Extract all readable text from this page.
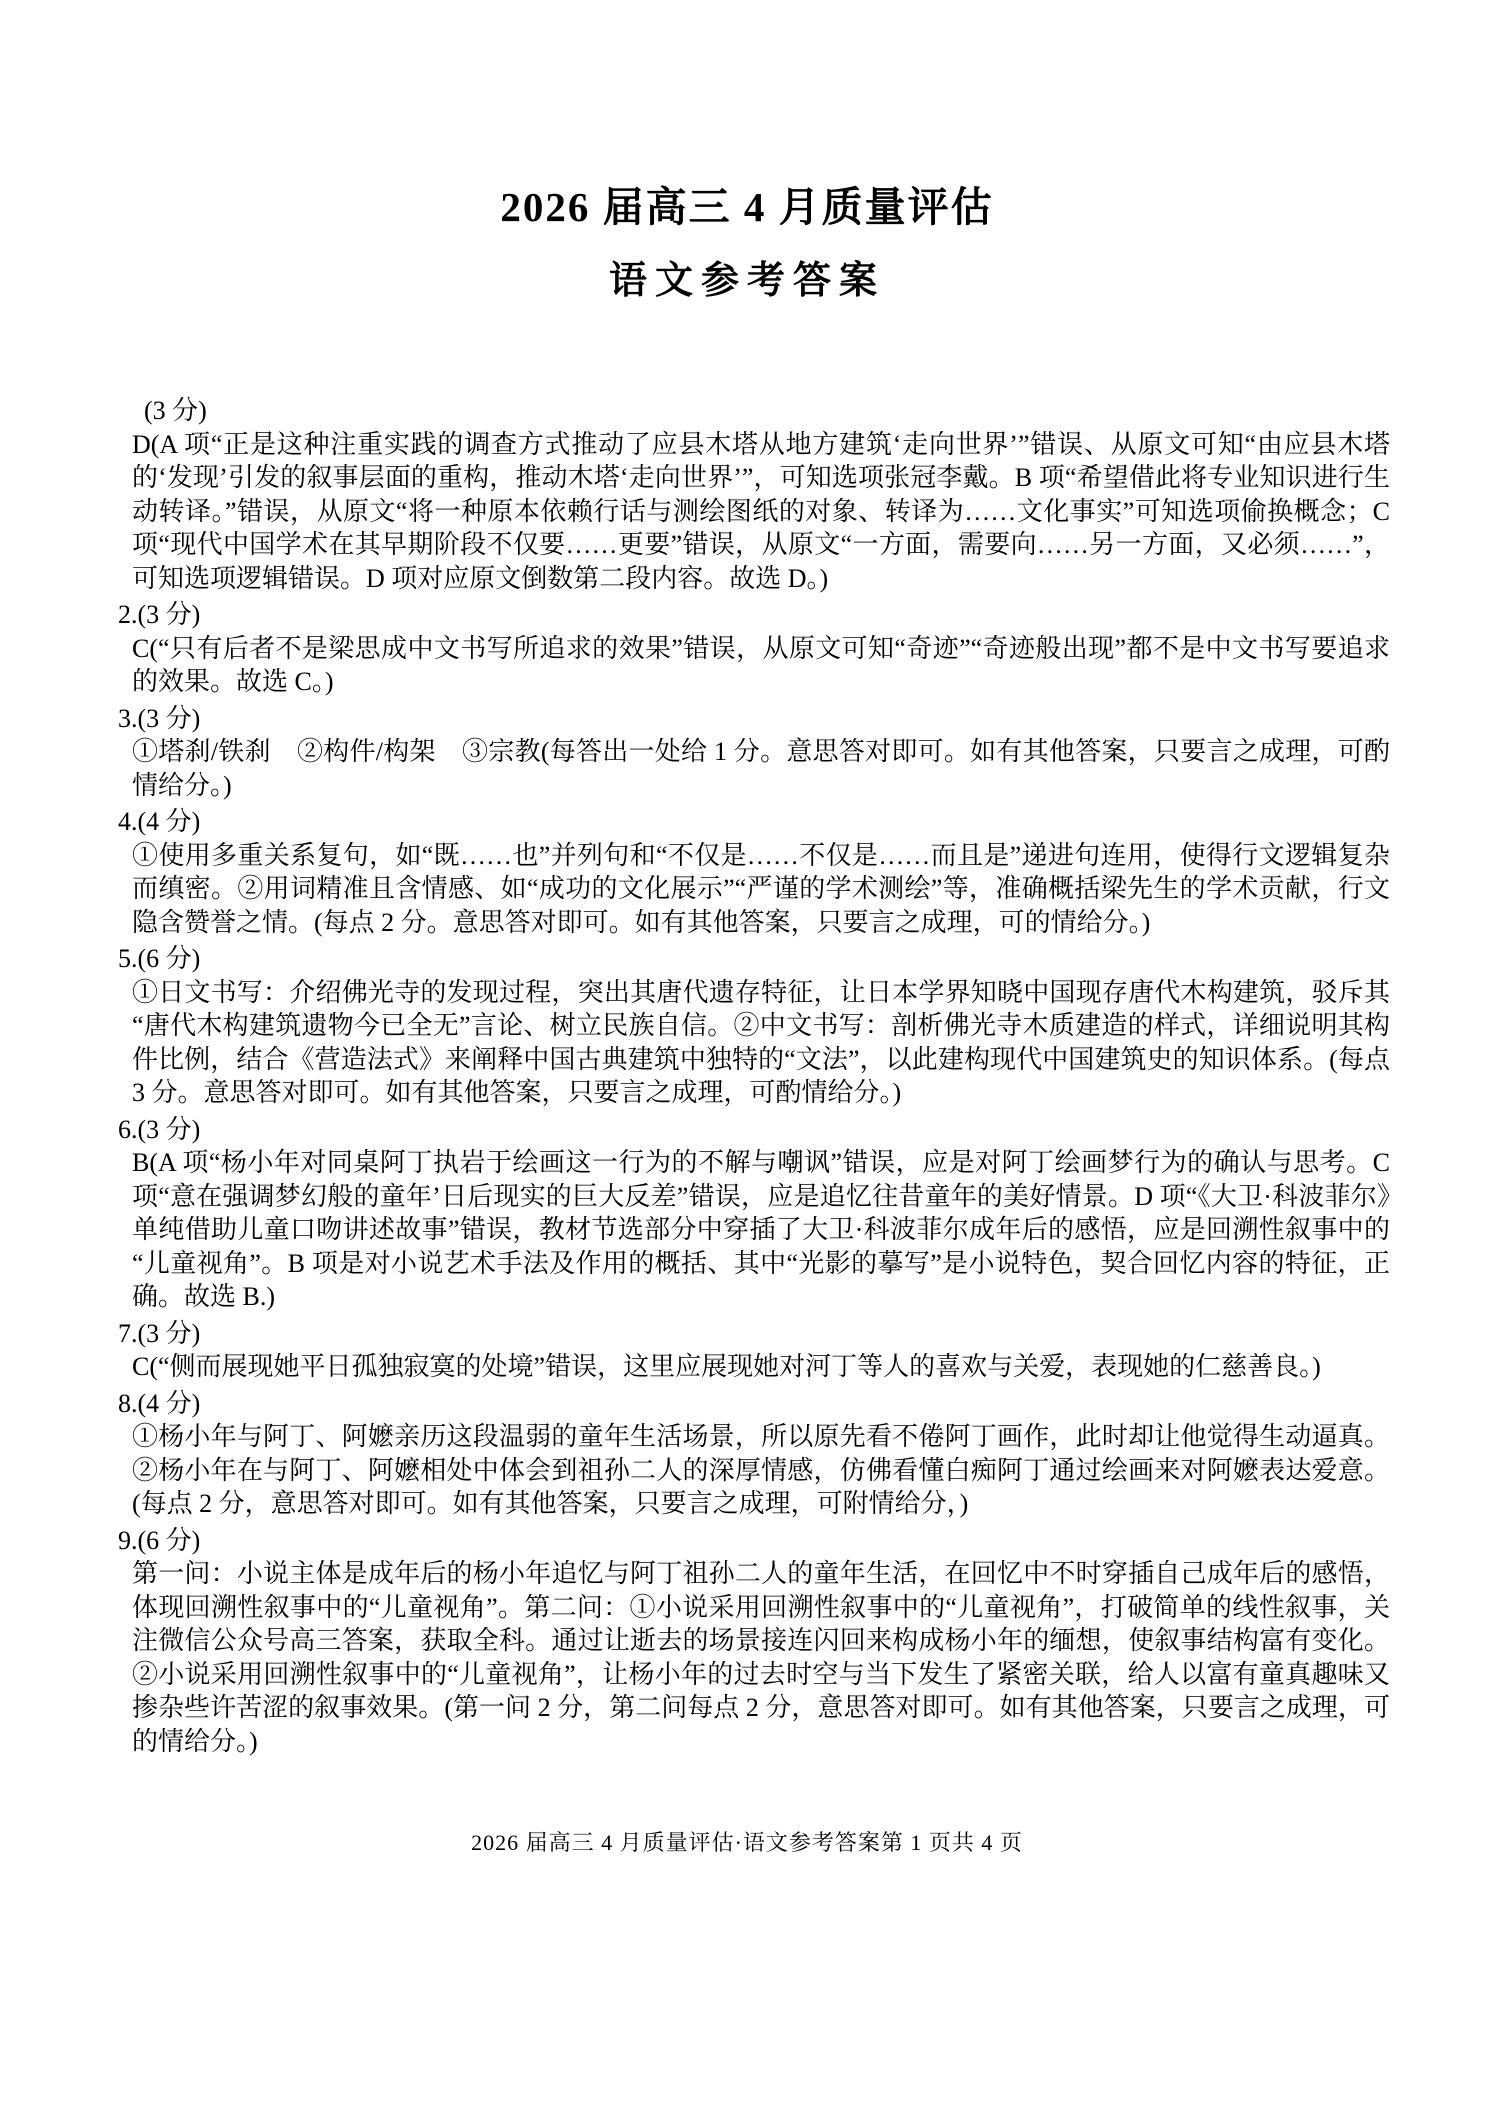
2026 届高三 4 月质量评估
语文参考答案
　(3 分)

D(A 项“正是这种注重实践的调查方式推动了应县木塔从地方建筑‘走向世界’”错误、从原文可知“由应县木塔的‘发现’引发的叙事层面的重构，推动木塔‘走向世界’”，可知选项张冠李戴。B 项“希望借此将专业知识进行生动转译。”错误，从原文“将一种原本依赖行话与测绘图纸的对象、转译为……文化事实”可知选项偷换概念；C 项“现代中国学术在其早期阶段不仅要……更要”错误，从原文“一方面，需要向……另一方面，又必须……”，可知选项逻辑错误。D 项对应原文倒数第二段内容。故选 D。)

2.(3 分)

C(“只有后者不是梁思成中文书写所追求的效果”错误，从原文可知“奇迹”“奇迹般出现”都不是中文书写要追求的效果。故选 C。)

3.(3 分)

①塔刹/铁刹　②构件/构架　③宗教(每答出一处给 1 分。意思答对即可。如有其他答案，只要言之成理，可酌情给分。)

4.(4 分)

①使用多重关系复句，如“既……也”并列句和“不仅是……不仅是……而且是”递进句连用，使得行文逻辑复杂而缜密。②用词精准且含情感、如“成功的文化展示”“严谨的学术测绘”等，准确概括梁先生的学术贡献，行文隐含赞誉之情。(每点 2 分。意思答对即可。如有其他答案，只要言之成理，可的情给分。)

5.(6 分)

①日文书写：介绍佛光寺的发现过程，突出其唐代遗存特征，让日本学界知晓中国现存唐代木构建筑，驳斥其“唐代木构建筑遗物今已全无”言论、树立民族自信。②中文书写：剖析佛光寺木质建造的样式，详细说明其构件比例，结合《营造法式》来阐释中国古典建筑中独特的“文法”，以此建构现代中国建筑史的知识体系。(每点 3 分。意思答对即可。如有其他答案，只要言之成理，可酌情给分。)

6.(3 分)

B(A 项“杨小年对同桌阿丁执岩于绘画这一行为的不解与嘲讽”错误，应是对阿丁绘画梦行为的确认与思考。C 项“意在强调梦幻般的童年’日后现实的巨大反差”错误，应是追忆往昔童年的美好情景。D 项“《大卫·科波菲尔》单纯借助儿童口吻讲述故事”错误，教材节选部分中穿插了大卫·科波菲尔成年后的感悟，应是回溯性叙事中的“儿童视角”。B 项是对小说艺术手法及作用的概括、其中“光影的摹写”是小说特色，契合回忆内容的特征，正确。故选 B.)

7.(3 分)

C(“侧而展现她平日孤独寂寞的处境”错误，这里应展现她对河丁等人的喜欢与关爱，表现她的仁慈善良。)

8.(4 分)

①杨小年与阿丁、阿嬷亲历这段温弱的童年生活场景，所以原先看不倦阿丁画作，此时却让他觉得生动逼真。②杨小年在与阿丁、阿嬷相处中体会到祖孙二人的深厚情感，仿佛看懂白痴阿丁通过绘画来对阿嬷表达爱意。(每点 2 分，意思答对即可。如有其他答案，只要言之成理，可附情给分，)

9.(6 分)

第一问：小说主体是成年后的杨小年追忆与阿丁祖孙二人的童年生活，在回忆中不时穿插自己成年后的感悟，体现回溯性叙事中的“儿童视角”。第二问：①小说采用回溯性叙事中的“儿童视角”，打破简单的线性叙事，关注微信公众号高三答案，获取全科。通过让逝去的场景接连闪回来构成杨小年的缅想，使叙事结构富有变化。②小说采用回溯性叙事中的“儿童视角”，让杨小年的过去时空与当下发生了紧密关联，给人以富有童真趣味又掺杂些许苦涩的叙事效果。(第一问 2 分，第二问每点 2 分，意思答对即可。如有其他答案，只要言之成理，可的情给分。)

2026 届高三 4 月质量评估·语文参考答案第 1 页共 4 页
